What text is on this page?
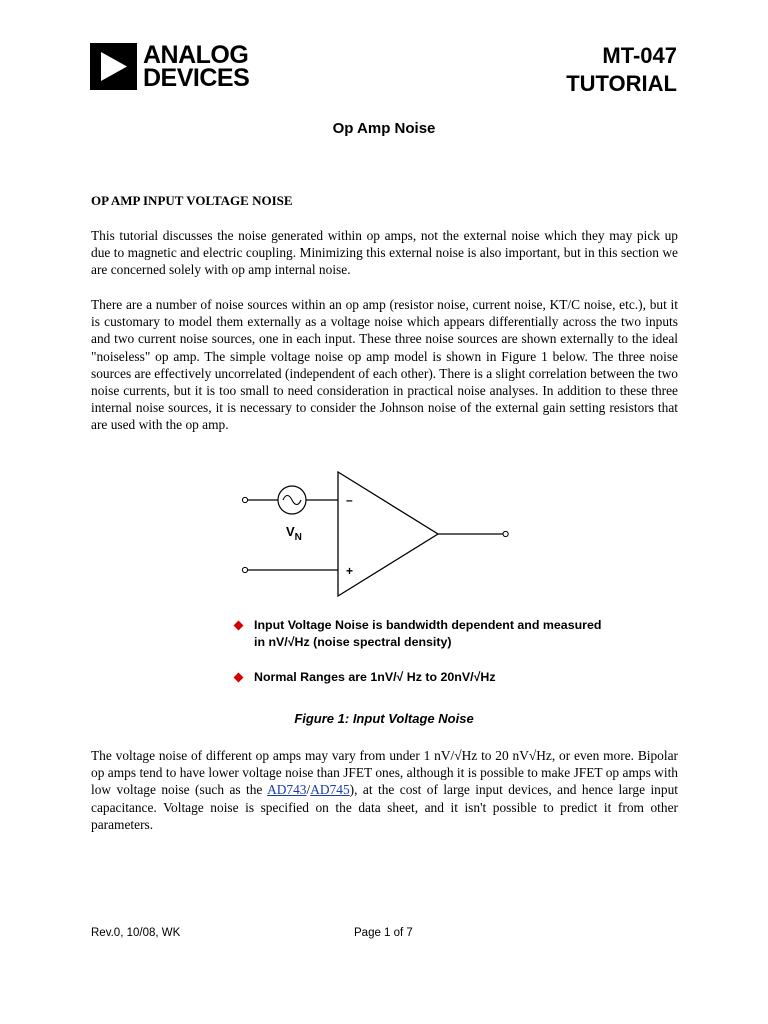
ANALOG
DEVICES
MT-047
TUTORIAL
Op Amp Noise
OP AMP INPUT VOLTAGE NOISE

This tutorial discusses the noise generated within op amps, not the external noise which they may pick up due to magnetic and electric coupling. Minimizing this external noise is also important, but in this section we are concerned solely with op amp internal noise.

There are a number of noise sources within an op amp (resistor noise, current noise, KT/C noise, etc.), but it is customary to model them externally as a voltage noise which appears differentially across the two inputs and two current noise sources, one in each input. These three noise sources are shown externally to the ideal "noiseless" op amp. The simple voltage noise op amp model is shown in Figure 1 below. The three noise sources are effectively uncorrelated (independent of each other). There is a slight correlation between the two noise currents, but it is too small to need consideration in practical noise analyses. In addition to these three internal noise sources, it is necessary to consider the Johnson noise of the external gain setting resistors that are used with the op amp.

$V_N$
–
+
Input Voltage Noise is bandwidth dependent and measured in nV/√Hz (noise spectral density)
Normal Ranges are 1nV/√ Hz to 20nV/√Hz
Figure 1: Input Voltage Noise

The voltage noise of different op amps may vary from under 1 nV/√Hz to 20 nV√Hz, or even more. Bipolar op amps tend to have lower voltage noise than JFET ones, although it is possible to make JFET op amps with low voltage noise (such as the AD743/AD745), at the cost of large input devices, and hence large input capacitance. Voltage noise is specified on the data sheet, and it isn't possible to predict it from other parameters.

Rev.0, 10/08, WK	Page 1 of 7
